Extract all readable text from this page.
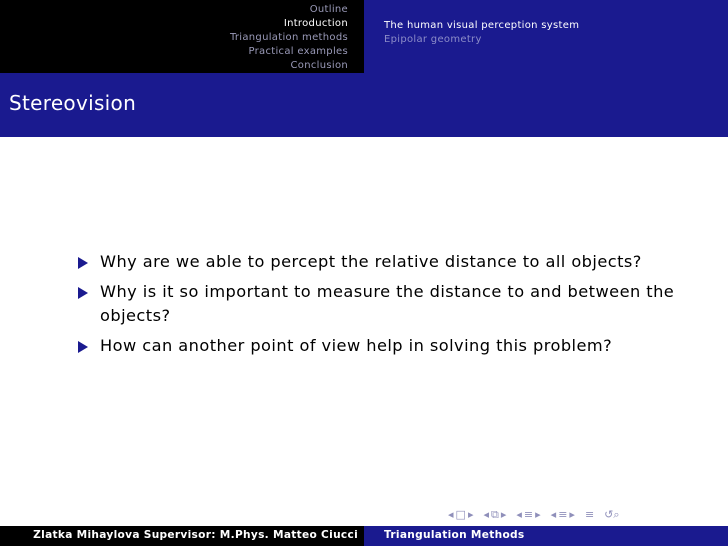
Outline
Introduction
Triangulation methods
Practical examples
Conclusion
The human visual perception system
Epipolar geometry
Stereovision
Why are we able to percept the relative distance to all objects?
Why is it so important to measure the distance to and between the objects?
How can another point of view help in solving this problem?
◂ □ ▸ ◂ ⧉ ▸ ◂ ≡ ▸ ◂ ≡ ▸ ≡ ↺⌕
Zlatka Mihaylova Supervisor: M.Phys. Matteo Ciucci Triangulation Methods
